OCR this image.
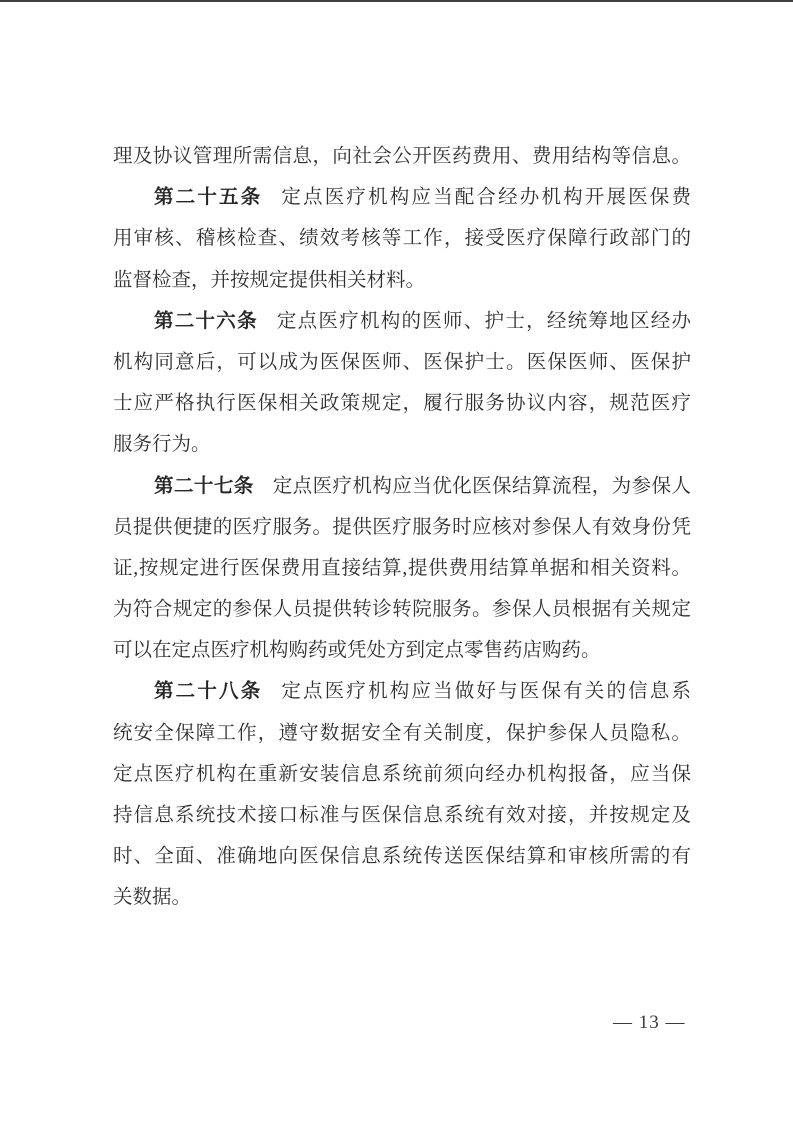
理及协议管理所需信息，向社会公开医药费用、费用结构等信息。
第二十五条 定点医疗机构应当配合经办机构开展医保费
用审核、稽核检查、绩效考核等工作，接受医疗保障行政部门的
监督检查，并按规定提供相关材料。
第二十六条 定点医疗机构的医师、护士，经统筹地区经办
机构同意后，可以成为医保医师、医保护士。医保医师、医保护
士应严格执行医保相关政策规定，履行服务协议内容，规范医疗
服务行为。
第二十七条 定点医疗机构应当优化医保结算流程，为参保人
员提供便捷的医疗服务。提供医疗服务时应核对参保人有效身份凭
证,按规定进行医保费用直接结算,提供费用结算单据和相关资料。
为符合规定的参保人员提供转诊转院服务。参保人员根据有关规定
可以在定点医疗机构购药或凭处方到定点零售药店购药。
第二十八条 定点医疗机构应当做好与医保有关的信息系
统安全保障工作，遵守数据安全有关制度，保护参保人员隐私。
定点医疗机构在重新安装信息系统前须向经办机构报备，应当保
持信息系统技术接口标准与医保信息系统有效对接，并按规定及
时、全面、准确地向医保信息系统传送医保结算和审核所需的有
关数据。
— 13 —
